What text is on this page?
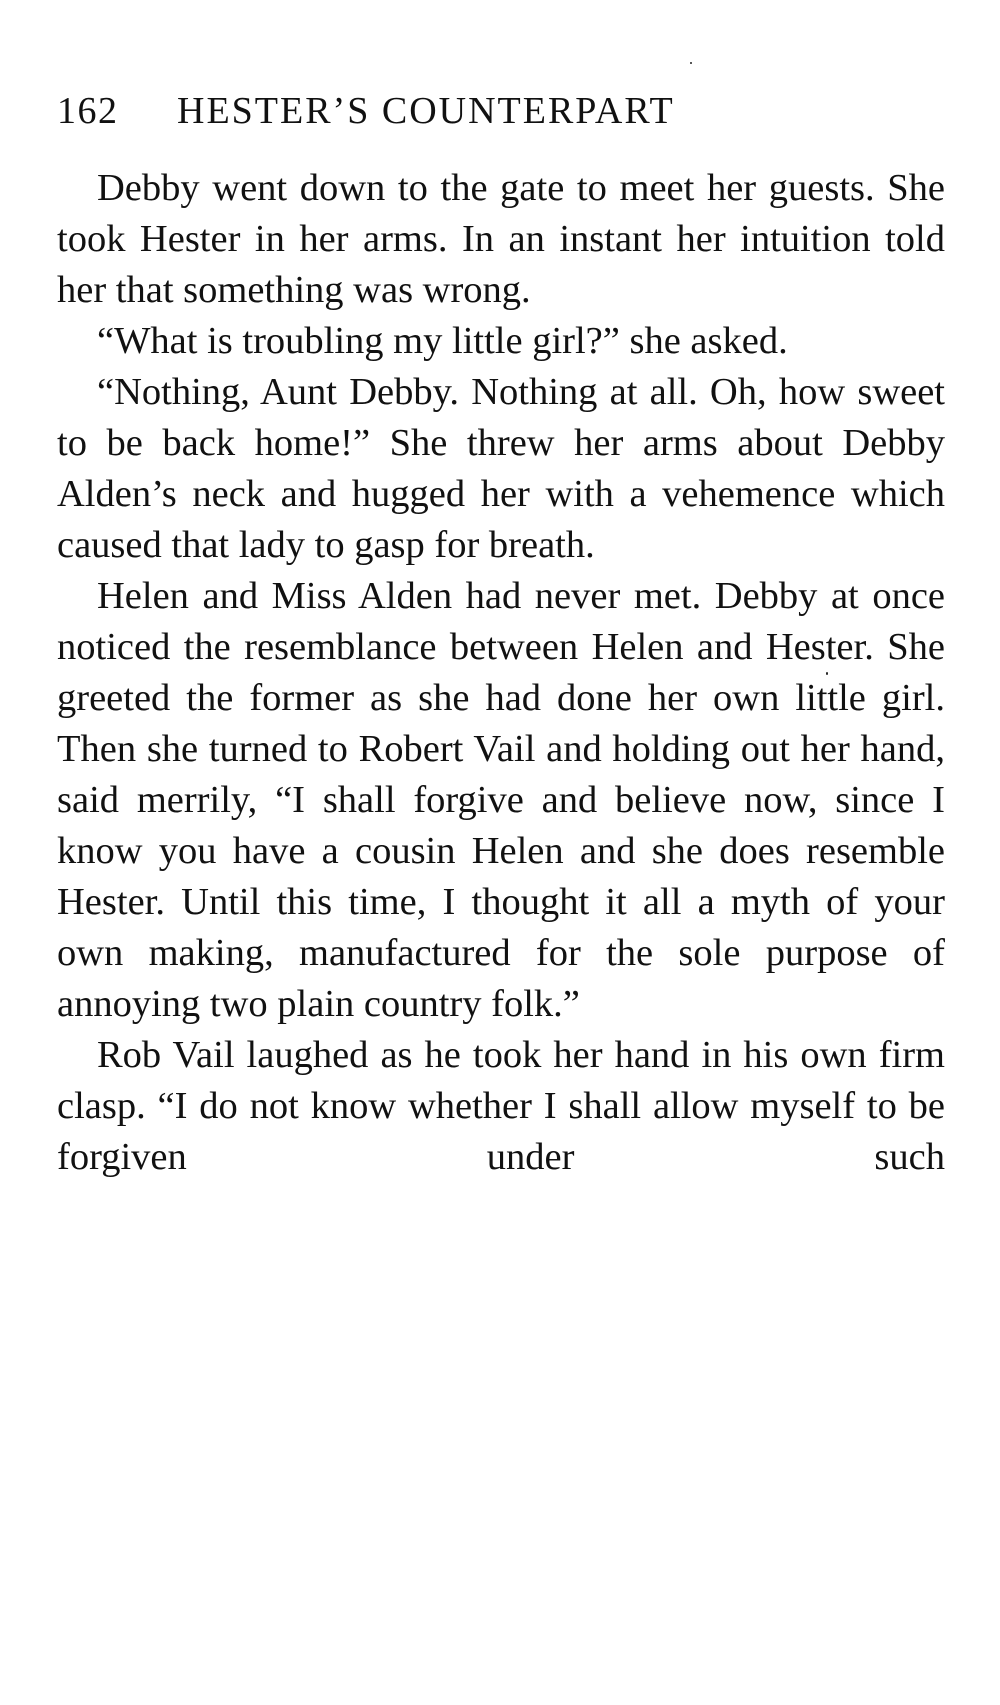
162 HESTER’S COUNTERPART

Debby went down to the gate to meet her guests. She took Hester in her arms. In an instant her intuition told her that something was wrong.

“What is troubling my little girl?” she asked.

“Nothing, Aunt Debby. Nothing at all. Oh, how sweet to be back home!” She threw her arms about Debby Alden’s neck and hugged her with a vehemence which caused that lady to gasp for breath.

Helen and Miss Alden had never met. Debby at once noticed the resemblance between Helen and Hester. She greeted the former as she had done her own little girl. Then she turned to Robert Vail and holding out her hand, said merrily, “I shall forgive and believe now, since I know you have a cousin Helen and she does resemble Hester. Until this time, I thought it all a myth of your own making, manufactured for the sole purpose of annoying two plain country folk.”

Rob Vail laughed as he took her hand in his own firm clasp. “I do not know whether I shall allow myself to be forgiven under such
